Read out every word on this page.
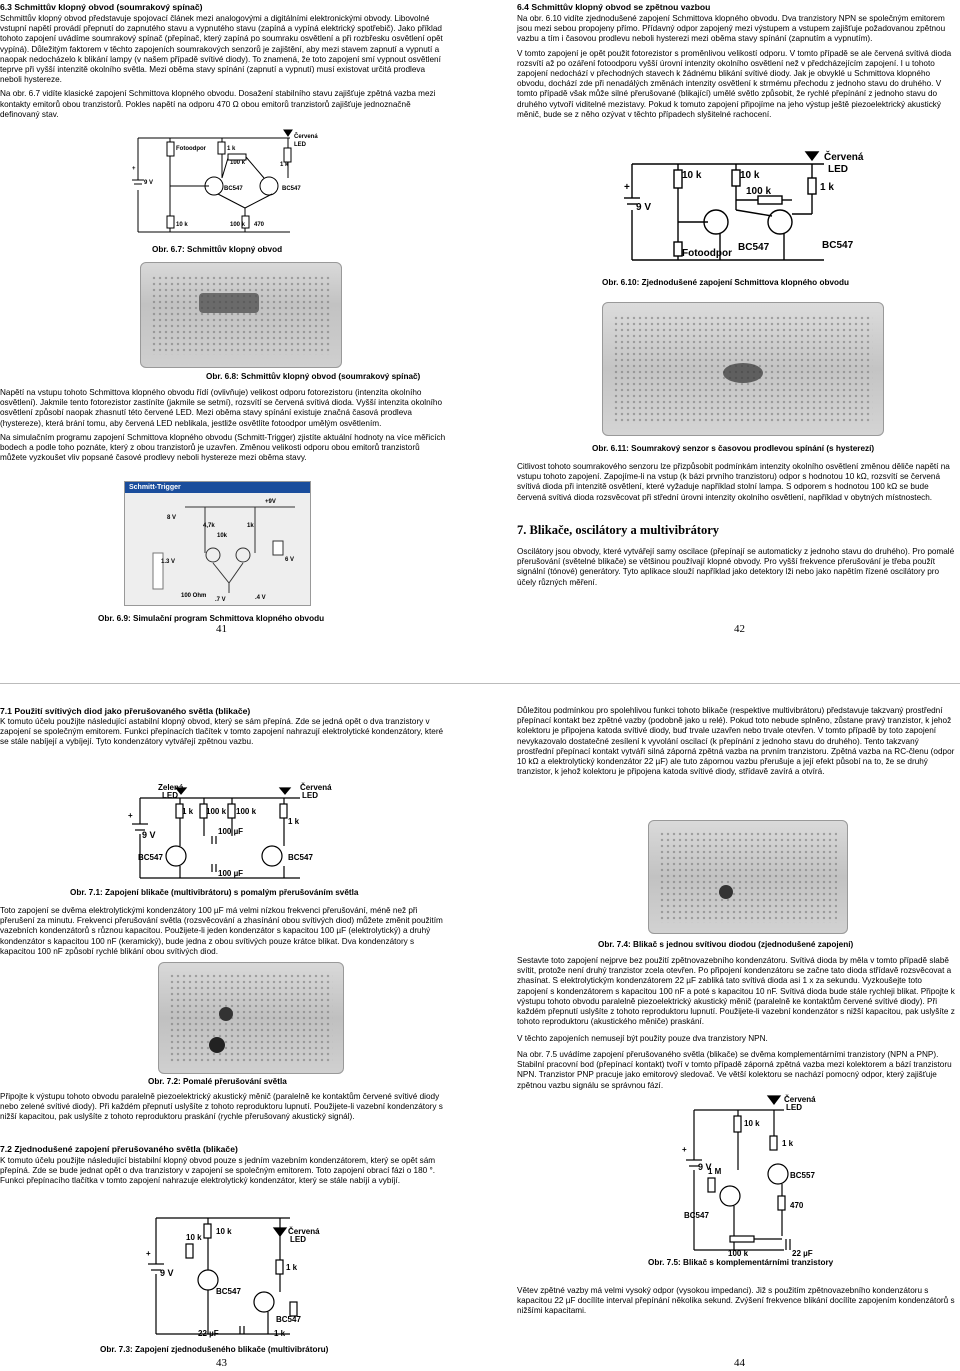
6.3 Schmittův klopný obvod (soumrakový spínač)

Schmittův klopný obvod představuje spojovací článek mezi analogovými a digitálními elektronickými obvody. Libovolné vstupní napětí provádí přepnutí do zapnutého stavu a vypnutého stavu (zapíná a vypíná elektrický spotřebič). Jako příklad tohoto zapojení uvádíme soumrakový spínač (přepínač, který zapíná po soumraku osvětlení a při rozbřesku osvětlení opět vypíná). Důležitým faktorem v těchto zapojeních soumrakových senzorů je zajištění, aby mezi stavem zapnutí a vypnutí a naopak nedocházelo k blikání lampy (v našem případě svítivé diody). To znamená, že toto zapojení smí vypnout osvětlení teprve při vyšší intenzitě okolního světla. Mezi oběma stavy spínání (zapnutí a vypnutí) musí existovat určitá prodleva neboli hystereze.

Na obr. 6.7 vidíte klasické zapojení Schmittova klopného obvodu. Dosažení stabilního stavu zajišťuje zpětná vazba mezi kontakty emitorů obou tranzistorů. Pokles napětí na odporu 470 Ω obou emitorů tranzistorů zajišťuje jednoznačně definovaný stav.

+
9 V
Fotoodpor	1 k
100 k
BC547	BC547
1 k
Červená
LED
10 k	100 k 470
Obr. 6.7: Schmittův klopný obvod
Obr. 6.8: Schmittův klopný obvod (soumrakový spínač)

Napětí na vstupu tohoto Schmittova klopného obvodu řídí (ovlivňuje) velikost odporu fotorezistoru (intenzita okolního osvětlení). Jakmile tento fotorezistor zastíníte (jakmile se setmí), rozsvítí se červená svítivá dioda. Vyšší intenzita okolního osvětlení způsobí naopak zhasnutí této červené LED. Mezi oběma stavy spínání existuje značná časová prodleva (hystereze), která brání tomu, aby červená LED neblikala, jestliže osvětlíte fotoodpor umělým osvětlením.

Na simulačním programu zapojení Schmittova klopného obvodu (Schmitt-Trigger) zjistíte aktuální hodnoty na více měřicích bodech a podle toho poznáte, který z obou tranzistorů je uzavřen. Změnou velikosti odporu obou emitorů tranzistorů můžete vyzkoušet vliv popsané časové prodlevy neboli hystereze mezi oběma stavy.

Schmitt-Trigger
8 V
4,7k	1k
10k
+9V
1.3 V	6 V
100 Ohm
.7 V	.4 V
Obr. 6.9: Simulační program Schmittova klopného obvodu
41
6.4 Schmittův klopný obvod se zpětnou vazbou

Na obr. 6.10 vidíte zjednodušené zapojení Schmittova klopného obvodu. Dva tranzistory NPN se společným emitorem jsou mezi sebou propojeny přímo. Přídavný odpor zapojený mezi výstupem a vstupem zajišťuje požadovanou zpětnou vazbu a tím i časovou prodlevu neboli hysterezi mezi oběma stavy spínání (zapnutím a vypnutím).

V tomto zapojení je opět použit fotorezistor s proměnlivou velikostí odporu. V tomto případě se ale červená svítivá dioda rozsvítí až po ozáření fotoodporu vyšší úrovní intenzity okolního osvětlení než v předcházejícím zapojení. I u tohoto zapojení nedochází v přechodných stavech k žádnému blikání svítivé diody. Jak je obvyklé u Schmittova klopného obvodu, dochází zde při nenadálých změnách intenzity osvětlení k strmému přechodu z jednoho stavu do druhého. V tomto případě však může silné přerušované (blikající) umělé světlo způsobit, že rychlé přepínání z jednoho stavu do druhého vytvoří viditelné mezistavy. Pokud k tomuto zapojení připojíme na jeho výstup ještě piezoelektrický akustický měnič, bude se z něho ozývat v těchto případech slyšitelné rachocení.

+
9 V
10 k	10 k
100 k	1 k
Červená
LED
BC547	BC547
Fotoodpor
Obr. 6.10: Zjednodušené zapojení Schmittova klopného obvodu
Obr. 6.11: Soumrakový senzor s časovou prodlevou spínání (s hysterezí)
Citlivost tohoto soumrakového senzoru lze přizpůsobit podmínkám intenzity okolního osvětlení změnou děliče napětí na vstupu tohoto zapojení. Zapojíme-li na vstup (k bázi prvního tranzistoru) odpor s hodnotou 10 kΩ, rozsvítí se červená svítivá dioda při intenzitě osvětlení, které vyžaduje například stolní lampa. S odporem s hodnotou 100 kΩ se bude červená svítivá dioda rozsvěcovat při střední úrovni intenzity okolního osvětlení, například v obytných místnostech.
7. Blikače, oscilátory a multivibrátory
Oscilátory jsou obvody, které vytvářejí samy oscilace (přepínají se automaticky z jednoho stavu do druhého). Pro pomalé přerušování (světelné blikače) se většinou používají klopné obvody. Pro vyšší frekvence přerušování je třeba použít signální (tónové) generátory. Tyto aplikace slouží například jako detektory lži nebo jako napětím řízené oscilátory pro účely různých měření.
42
7.1 Použití svítivých diod jako přerušovaného světla (blikače)
K tomuto účelu použijte následující astabilní klopný obvod, který se sám přepíná. Zde se jedná opět o dva tranzistory v zapojení se společným emitorem. Funkci přepínacích tlačítek v tomto zapojení nahrazují elektrolytické kondenzátory, které se stále nabíjejí a vybíjejí. Tyto kondenzátory vytvářejí zpětnou vazbu.
+
9 V
Zelená
LED
Červená
LED
1 k 100 k 100 k
1 k
100 µF
100 µF
BC547	BC547
Obr. 7.1: Zapojení blikače (multivibrátoru) s pomalým přerušováním světla
Toto zapojení se dvěma elektrolytickými kondenzátory 100 µF má velmi nízkou frekvenci přerušování, méně než při přerušení za minutu. Frekvenci přerušování světla (rozsvěcování a zhasínání obou svítivých diod) můžete změnit použitím vazebních kondenzátorů s různou kapacitou. Použijete-li jeden kondenzátor s kapacitou 100 µF (elektrolytický) a druhý kondenzátor s kapacitou 100 nF (keramický), bude jedna z obou svítivých pouze krátce blikat. Dva kondenzátory s kapacitou 100 nF způsobí rychlé blikání obou svítivých diod.
Obr. 7.2: Pomalé přerušování světla
Připojte k výstupu tohoto obvodu paralelně piezoelektrický akustický měnič (paralelně ke kontaktům červené svítivé diody nebo zelené svítivé diody). Při každém přepnutí uslyšíte z tohoto reproduktoru lupnutí. Použijete-li vazební kondenzátory s nižší kapacitou, pak uslyšíte z tohoto reproduktoru praskání (rychle přerušovaný akustický signál).
7.2 Zjednodušené zapojení přerušovaného světla (blikače)
K tomuto účelu použijte následující bistabilní klopný obvod pouze s jedním vazebním kondenzátorem, který se opět sám přepíná. Zde se bude jednat opět o dva tranzistory v zapojení se společným emitorem. Toto zapojení obrací fázi o 180 °. Funkci přepínacího tlačítka v tomto zapojení nahrazuje elektrolytický kondenzátor, který se stále nabíjí a vybíjí.
+
9 V
10 k
10 k	Červená
LED
1 k
BC547
BC547
22 µF	1 k
Obr. 7.3: Zapojení zjednodušeného blikače (multivibrátoru)
43
Důležitou podmínkou pro spolehlivou funkci tohoto blikače (respektive multivibrátoru) představuje takzvaný prostřední přepínací kontakt bez zpětné vazby (podobně jako u relé). Pokud toto nebude splněno, zůstane pravý tranzistor, k jehož kolektoru je připojena katoda svítivé diody, buď trvale uzavřen nebo trvale otevřen. V tomto případě by toto zapojení nevykazovalo dostatečné zesílení k vyvolání oscilací (k přepínání z jednoho stavu do druhého). Tento takzvaný prostřední přepínací kontakt vytváří silná záporná zpětná vazba na prvním tranzistoru. Zpětná vazba na RC-členu (odpor 10 kΩ a elektrolytický kondenzátor 22 µF) ale tuto zápornou vazbu přerušuje a její efekt působí na to, že se druhý tranzistor, k jehož kolektoru je připojena katoda svítivé diody, střídavě zavírá a otvírá.
Obr. 7.4: Blikač s jednou svítivou diodou (zjednodušené zapojení)
Sestavte toto zapojení nejprve bez použití zpětnovazebního kondenzátoru. Svítivá dioda by měla v tomto případě slabě svítit, protože není druhý tranzistor zcela otevřen. Po připojení kondenzátoru se začne tato dioda střídavě rozsvěcovat a zhasínat. S elektrolytickým kondenzátorem 22 µF zabliká tato svítivá dioda asi 1 x za sekundu. Vyzkoušejte toto zapojení s kondenzátorem s kapacitou 100 nF a poté s kapacitou 10 nF. Svítivá dioda bude stále rychleji blikat. Připojte k výstupu tohoto obvodu paralelně piezoelektrický akustický měnič (paralelně ke kontaktům červené svítivé diody). Při každém přepnutí uslyšíte z tohoto reproduktoru lupnutí. Použijete-li vazební kondenzátor s nižší kapacitou, pak uslyšíte z tohoto reproduktoru (akustického měniče) praskání.
V těchto zapojeních nemusejí být použity pouze dva tranzistory NPN.
Na obr. 7.5 uvádíme zapojení přerušovaného světla (blikače) se dvěma komplementárními tranzistory (NPN a PNP). Stabilní pracovní bod (přepínací kontakt) tvoří v tomto případě záporná zpětná vazba mezi kolektorem a bází tranzistoru NPN. Tranzistor PNP pracuje jako emitorový sledovač. Ve větší kolektoru se nachází pomocný odpor, který zajišťuje zpětnou vazbu signálu se správnou fází.
+
9 V
10 k
Červená
LED
1 k
1 M	BC557
BC547
470
100 k	22 µF
Obr. 7.5: Blikač s komplementárními tranzistory
Větev zpětné vazby má velmi vysoký odpor (vysokou impedanci). Již s použitím zpětnovazebního kondenzátoru s kapacitou 22 µF docílíte interval přepínání několika sekund. Zvýšení frekvence blikání docílíte zapojením kondenzátorů s nižšími kapacitami.
44
